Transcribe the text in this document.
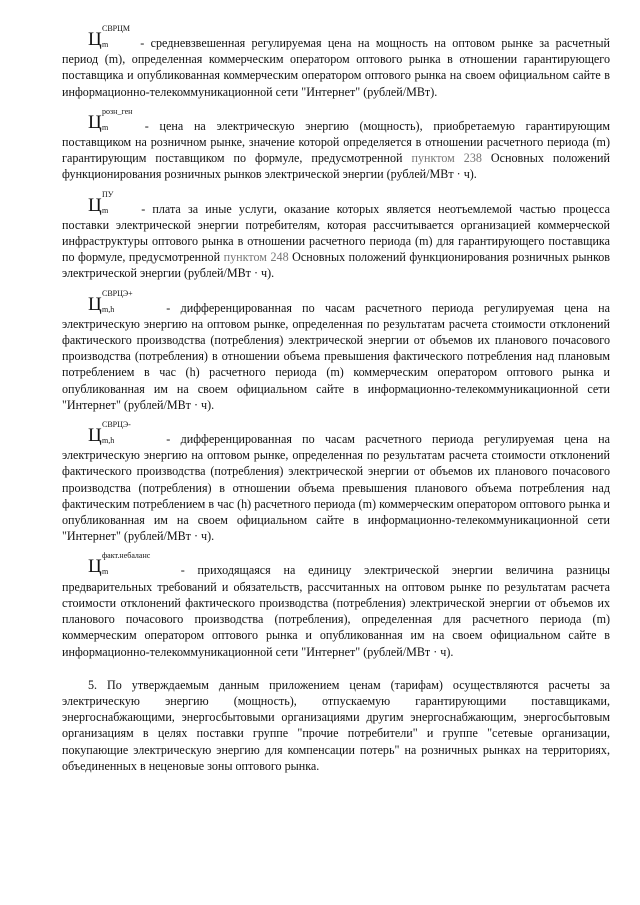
Ц
СВРЦМ
m	- средневзвешенная регулируемая цена на мощность на оптовом рынке за расчетный период (m), определенная коммерческим оператором оптового рынка в отношении гарантирующего поставщика и опубликованная коммерческим оператором оптового рынка на своем официальном сайте в информационно-телекоммуникационной сети "Интернет" (рублей/МВт).

Ц
розн_ген
m	- цена на электрическую энергию (мощность), приобретаемую гарантирующим поставщиком на розничном рынке, значение которой определяется в отношении расчетного периода (m) гарантирующим поставщиком по формуле, предусмотренной пунктом 238 Основных положений функционирования розничных рынков электрической энергии (рублей/МВт · ч).

Ц
ПУ
m	- плата за иные услуги, оказание которых является неотъемлемой частью процесса поставки электрической энергии потребителям, которая рассчитывается организацией коммерческой инфраструктуры оптового рынка в отношении расчетного периода (m) для гарантирующего поставщика по формуле, предусмотренной пунктом 248 Основных положений функционирования розничных рынков электрической энергии (рублей/МВт · ч).

Ц
СВРЦЭ+
m,h	- дифференцированная по часам расчетного периода регулируемая цена на электрическую энергию на оптовом рынке, определенная по результатам расчета стоимости отклонений фактического производства (потребления) электрической энергии от объемов их планового почасового производства (потребления) в отношении объема превышения фактического потребления над плановым потреблением в час (h) расчетного периода (m) коммерческим оператором оптового рынка и опубликованная им на своем официальном сайте в информационно-телекоммуникационной сети "Интернет" (рублей/МВт · ч).

Ц
СВРЦЭ-
m,h	- дифференцированная по часам расчетного периода регулируемая цена на электрическую энергию на оптовом рынке, определенная по результатам расчета стоимости отклонений фактического производства (потребления) электрической энергии от объемов их планового почасового производства (потребления) в отношении объема превышения планового объема потребления над фактическим потреблением в час (h) расчетного периода (m) коммерческим оператором оптового рынка и опубликованная им на своем официальном сайте в информационно-телекоммуникационной сети "Интернет" (рублей/МВт · ч).

Ц
факт.небаланс
m	- приходящаяся на единицу электрической энергии величина разницы предварительных требований и обязательств, рассчитанных на оптовом рынке по результатам расчета стоимости отклонений фактического производства (потребления) электрической энергии от объемов их планового почасового производства (потребления), определенная для расчетного периода (m) коммерческим оператором оптового рынка и опубликованная им на своем официальном сайте в информационно-телекоммуникационной сети "Интернет" (рублей/МВт · ч).

5. По утверждаемым данным приложением ценам (тарифам) осуществляются расчеты за электрическую энергию (мощность), отпускаемую гарантирующими поставщиками, энергоснабжающими, энергосбытовыми организациями другим энергоснабжающим, энергосбытовым организациям в целях поставки группе "прочие потребители" и группе "сетевые организации, покупающие электрическую энергию для компенсации потерь" на розничных рынках на территориях, объединенных в неценовые зоны оптового рынка.
